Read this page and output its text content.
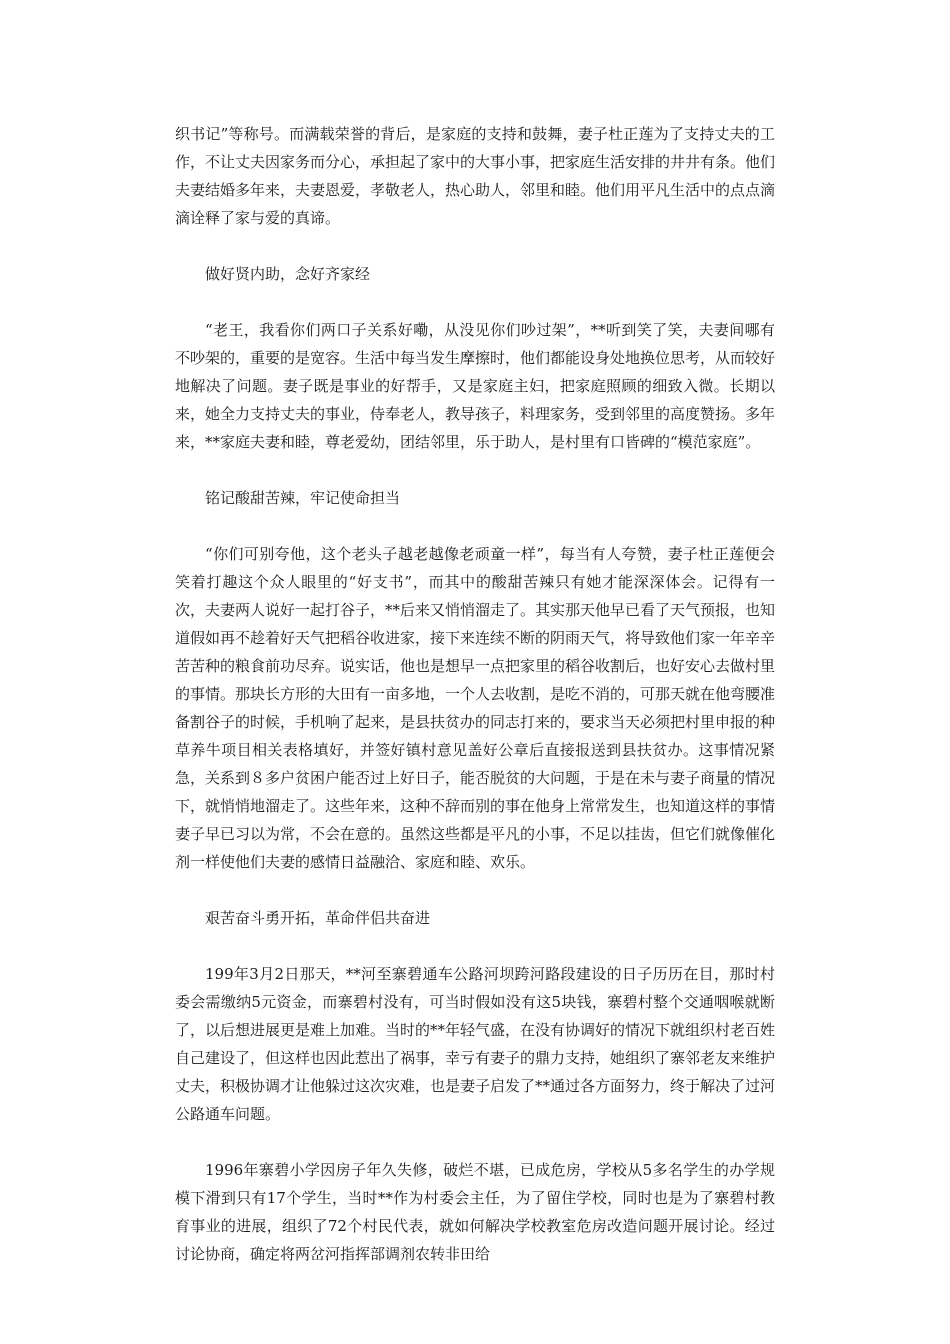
织书记”等称号。而满载荣誉的背后，是家庭的支持和鼓舞，妻子杜正莲为了支持丈夫的工作，不让丈夫因家务而分心，承担起了家中的大事小事，把家庭生活安排的井井有条。他们夫妻结婚多年来，夫妻恩爱，孝敬老人，热心助人，邻里和睦。他们用平凡生活中的点点滴滴诠释了家与爱的真谛。

做好贤内助，念好齐家经

“老王，我看你们两口子关系好嘞，从没见你们吵过架”，**听到笑了笑，夫妻间哪有不吵架的，重要的是宽容。生活中每当发生摩擦时，他们都能设身处地换位思考，从而较好地解决了问题。妻子既是事业的好帮手，又是家庭主妇，把家庭照顾的细致入微。长期以来，她全力支持丈夫的事业，侍奉老人，教导孩子，料理家务，受到邻里的高度赞扬。多年来，**家庭夫妻和睦，尊老爱幼，团结邻里，乐于助人，是村里有口皆碑的“模范家庭”。

铭记酸甜苦辣，牢记使命担当

“你们可别夸他，这个老头子越老越像老顽童一样”，每当有人夸赞，妻子杜正莲便会笑着打趣这个众人眼里的“好支书”，而其中的酸甜苦辣只有她才能深深体会。记得有一次，夫妻两人说好一起打谷子，**后来又悄悄溜走了。其实那天他早已看了天气预报，也知道假如再不趁着好天气把稻谷收进家，接下来连续不断的阴雨天气，将导致他们家一年辛辛苦苦种的粮食前功尽弃。说实话，他也是想早一点把家里的稻谷收割后，也好安心去做村里的事情。那块长方形的大田有一亩多地，一个人去收割，是吃不消的，可那天就在他弯腰准备割谷子的时候，手机响了起来，是县扶贫办的同志打来的，要求当天必须把村里申报的种草养牛项目相关表格填好，并签好镇村意见盖好公章后直接报送到县扶贫办。这事情况紧急，关系到８多户贫困户能否过上好日子，能否脱贫的大问题，于是在未与妻子商量的情况下，就悄悄地溜走了。这些年来，这种不辞而别的事在他身上常常发生，也知道这样的事情妻子早已习以为常，不会在意的。虽然这些都是平凡的小事，不足以挂齿，但它们就像催化剂一样使他们夫妻的感情日益融洽、家庭和睦、欢乐。

艰苦奋斗勇开拓，革命伴侣共奋进

199年3月2日那天，**河至寨碧通车公路河坝跨河路段建设的日子历历在目，那时村委会需缴纳5元资金，而寨碧村没有，可当时假如没有这5块钱，寨碧村整个交通咽喉就断了，以后想进展更是难上加难。当时的**年轻气盛，在没有协调好的情况下就组织村老百姓自己建设了，但这样也因此惹出了祸事，幸亏有妻子的鼎力支持，她组织了寨邻老友来维护丈夫，积极协调才让他躲过这次灾难，也是妻子启发了**通过各方面努力，终于解决了过河公路通车问题。

1996年寨碧小学因房子年久失修，破烂不堪，已成危房，学校从5多名学生的办学规模下滑到只有17个学生，当时**作为村委会主任，为了留住学校，同时也是为了寨碧村教育事业的进展，组织了72个村民代表，就如何解决学校教室危房改造问题开展讨论。经过讨论协商，确定将两岔河指挥部调剂农转非田给
